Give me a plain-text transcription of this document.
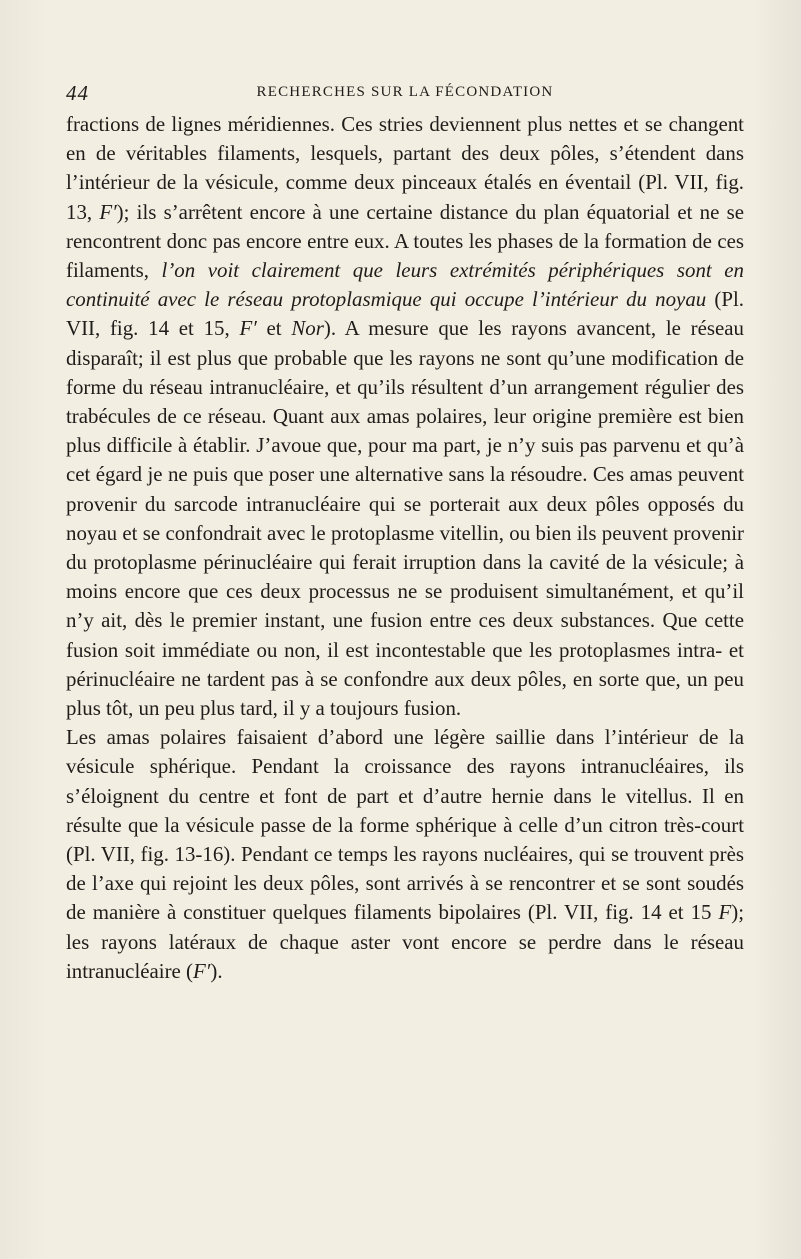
44	RECHERCHES SUR LA FÉCONDATION

fractions de lignes méridiennes. Ces stries deviennent plus nettes et se changent en de véritables filaments, lesquels, partant des deux pôles, s’étendent dans l’intérieur de la vésicule, comme deux pinceaux étalés en éventail (Pl. VII, fig. 13, F′); ils s’arrêtent encore à une certaine distance du plan équatorial et ne se rencontrent donc pas encore entre eux. A toutes les phases de la formation de ces filaments, l’on voit clairement que leurs extrémités périphériques sont en continuité avec le réseau protoplasmique qui occupe l’intérieur du noyau (Pl. VII, fig. 14 et 15, F′ et Nor). A mesure que les rayons avancent, le réseau disparaît; il est plus que probable que les rayons ne sont qu’une modification de forme du réseau intranucléaire, et qu’ils résultent d’un arrangement régulier des trabécules de ce réseau. Quant aux amas polaires, leur origine première est bien plus difficile à établir. J’avoue que, pour ma part, je n’y suis pas parvenu et qu’à cet égard je ne puis que poser une alternative sans la résoudre. Ces amas peuvent provenir du sarcode intranucléaire qui se porterait aux deux pôles opposés du noyau et se confondrait avec le protoplasme vitellin, ou bien ils peuvent provenir du protoplasme périnucléaire qui ferait irruption dans la cavité de la vésicule; à moins encore que ces deux processus ne se produisent simultanément, et qu’il n’y ait, dès le premier instant, une fusion entre ces deux substances. Que cette fusion soit immédiate ou non, il est incontestable que les protoplasmes intra- et périnucléaire ne tardent pas à se confondre aux deux pôles, en sorte que, un peu plus tôt, un peu plus tard, il y a toujours fusion.

Les amas polaires faisaient d’abord une légère saillie dans l’intérieur de la vésicule sphérique. Pendant la croissance des rayons intranucléaires, ils s’éloignent du centre et font de part et d’autre hernie dans le vitellus. Il en résulte que la vésicule passe de la forme sphérique à celle d’un citron très-court (Pl. VII, fig. 13-16). Pendant ce temps les rayons nucléaires, qui se trouvent près de l’axe qui rejoint les deux pôles, sont arrivés à se rencontrer et se sont soudés de manière à constituer quelques filaments bipolaires (Pl. VII, fig. 14 et 15 F); les rayons latéraux de chaque aster vont encore se perdre dans le réseau intranucléaire (F′).
